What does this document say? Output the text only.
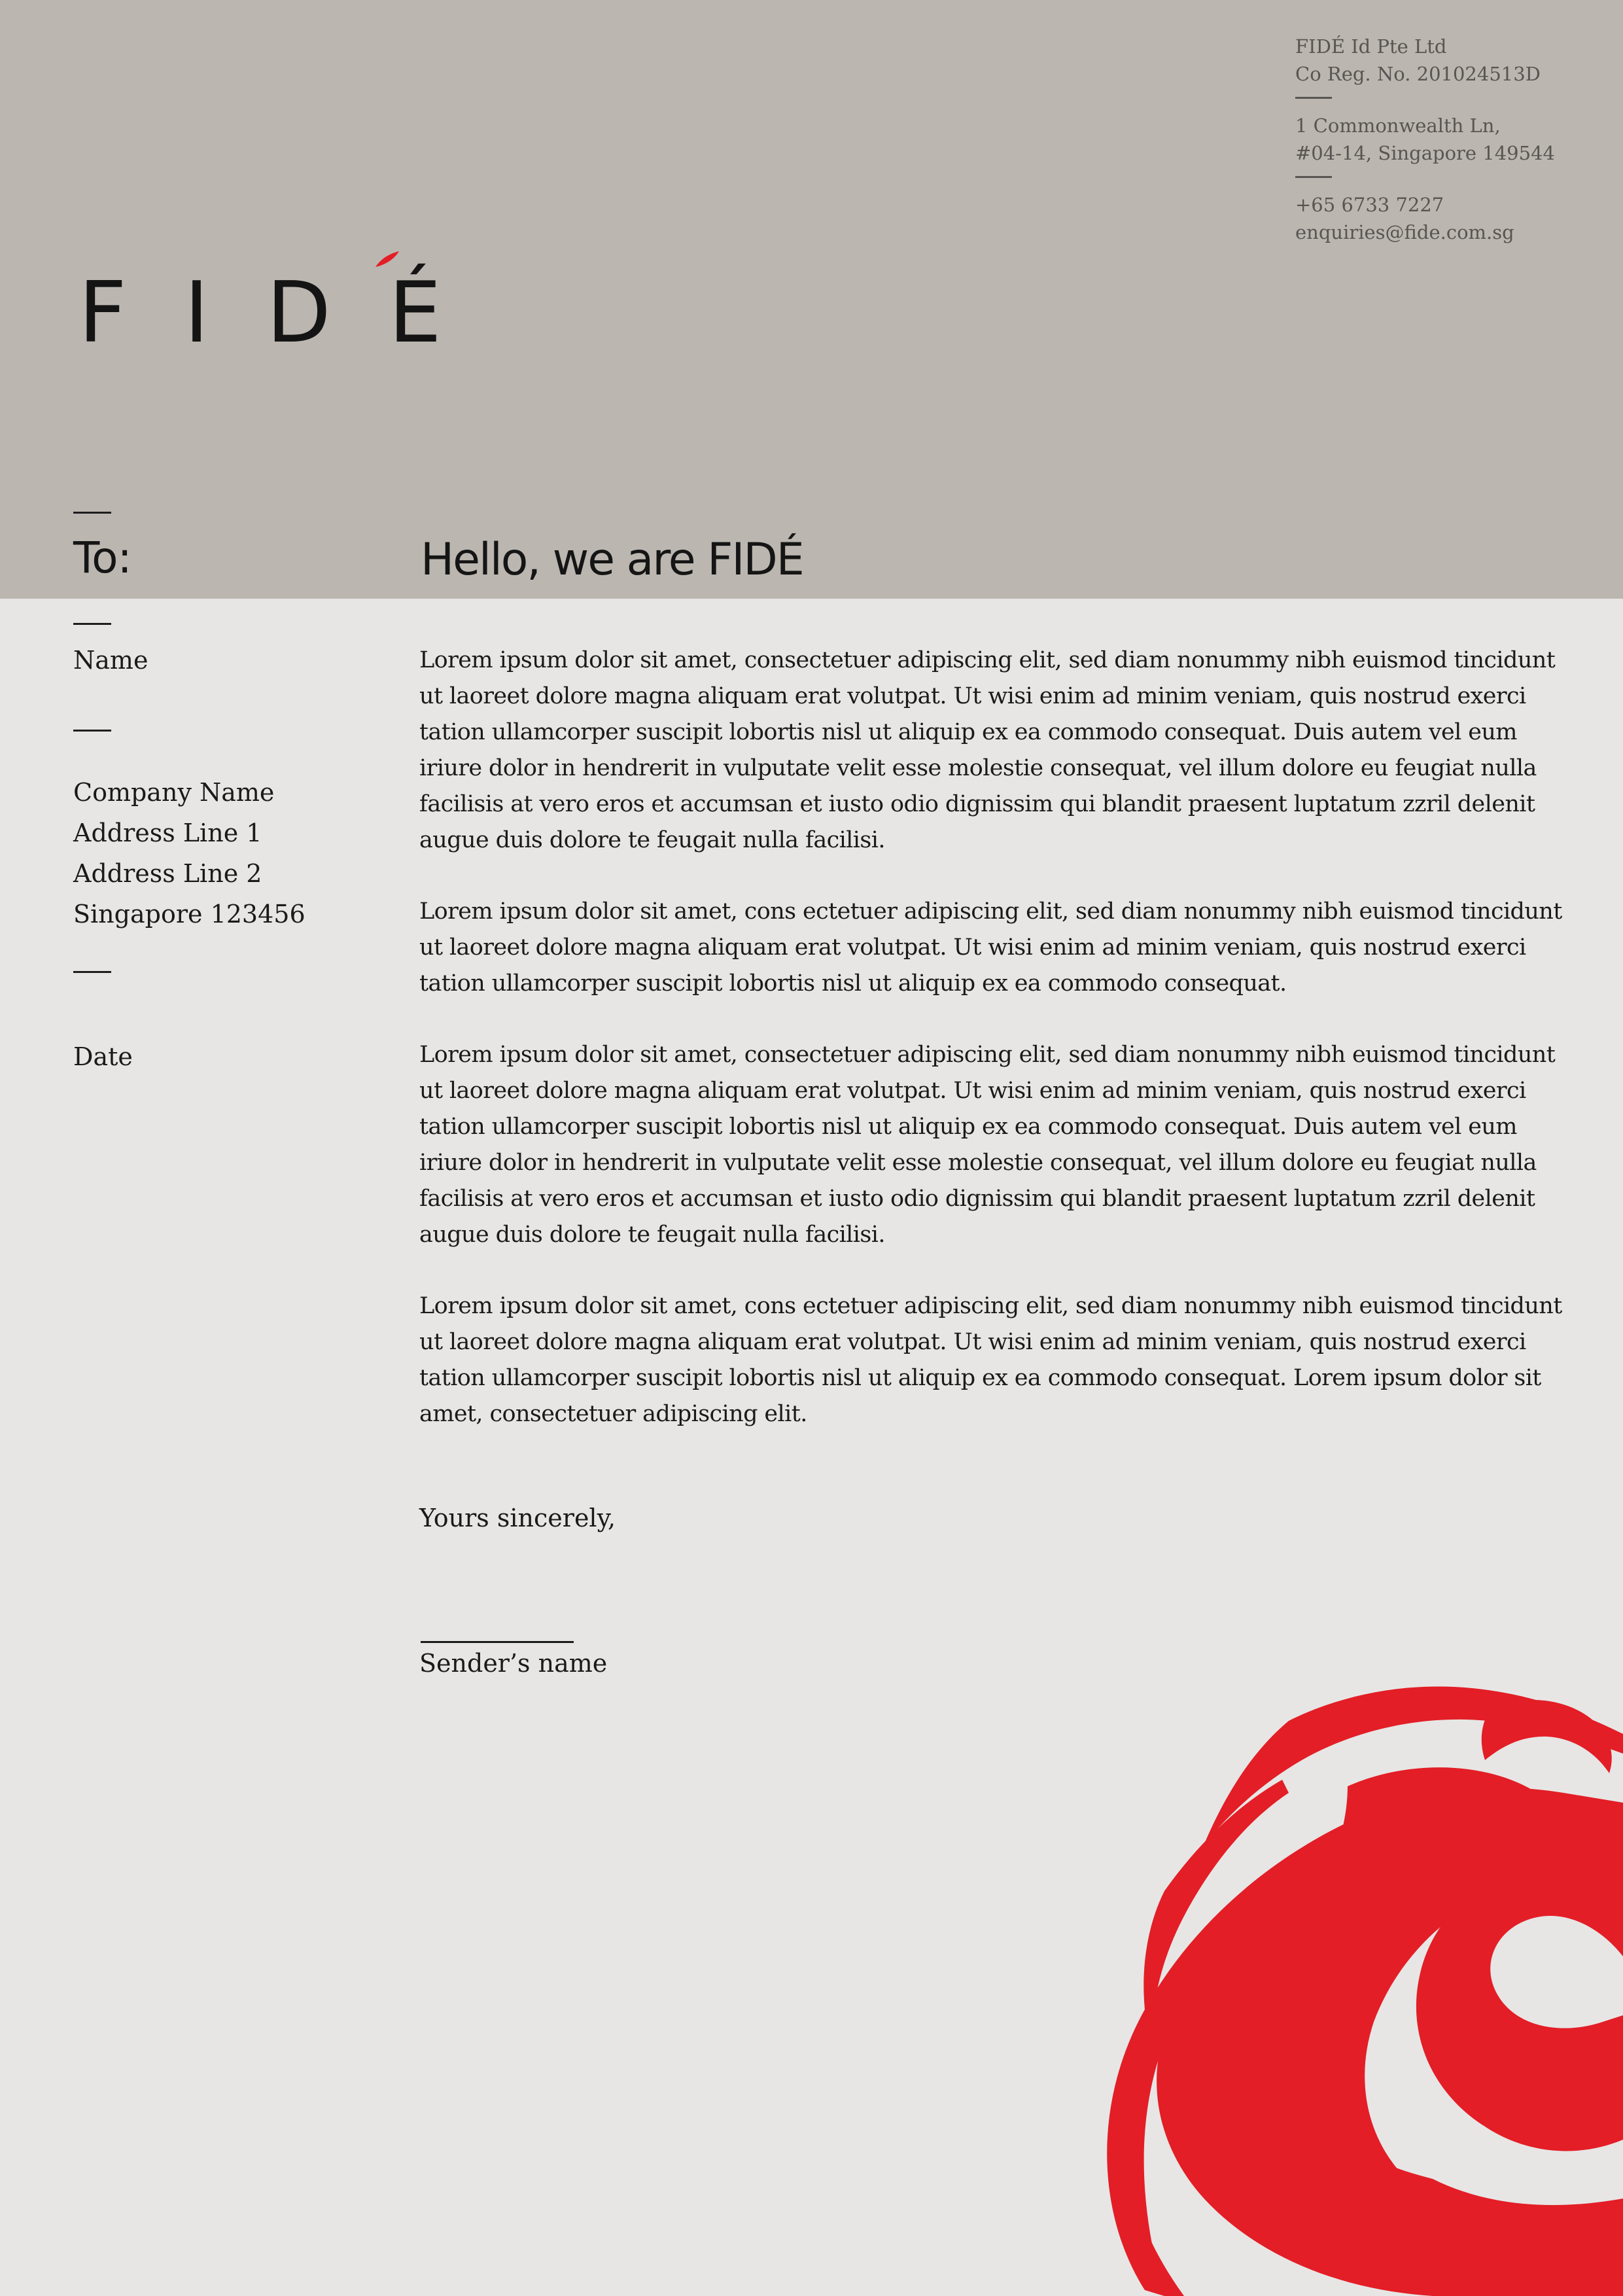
FIDÉ
FIDÉ Id Pte Ltd
Co Reg. No. 201024513D
1 Commonwealth Ln,
#04-14, Singapore 149544
+65 6733 7227
enquiries@fide.com.sg
To:
Name
Company Name
Address Line 1
Address Line 2
Singapore 123456
Date
Hello, we are FIDÉ

Lorem ipsum dolor sit amet, consectetuer adipiscing elit, sed diam nonummy nibh euismod tincidunt ut laoreet dolore magna aliquam erat volutpat. Ut wisi enim ad minim veniam, quis nostrud exerci tation ullamcorper suscipit lobortis nisl ut aliquip ex ea commodo consequat. Duis autem vel eum iriure dolor in hendrerit in vulputate velit esse molestie consequat, vel illum dolore eu feugiat nulla facilisis at vero eros et accumsan et iusto odio dignissim qui blandit praesent luptatum zzril delenit augue duis dolore te feugait nulla facilisi.

Lorem ipsum dolor sit amet, cons ectetuer adipiscing elit, sed diam nonummy nibh euismod tincidunt ut laoreet dolore magna aliquam erat volutpat. Ut wisi enim ad minim veniam, quis nostrud exerci tation ullamcorper suscipit lobortis nisl ut aliquip ex ea commodo consequat.

Lorem ipsum dolor sit amet, consectetuer adipiscing elit, sed diam nonummy nibh euismod tincidunt ut laoreet dolore magna aliquam erat volutpat. Ut wisi enim ad minim veniam, quis nostrud exerci tation ullamcorper suscipit lobortis nisl ut aliquip ex ea commodo consequat. Duis autem vel eum iriure dolor in hendrerit in vulputate velit esse molestie consequat, vel illum dolore eu feugiat nulla facilisis at vero eros et accumsan et iusto odio dignissim qui blandit praesent luptatum zzril delenit augue duis dolore te feugait nulla facilisi.

Lorem ipsum dolor sit amet, cons ectetuer adipiscing elit, sed diam nonummy nibh euismod tincidunt ut laoreet dolore magna aliquam erat volutpat. Ut wisi enim ad minim veniam, quis nostrud exerci tation ullamcorper suscipit lobortis nisl ut aliquip ex ea commodo consequat. Lorem ipsum dolor sit amet, consectetuer adipiscing elit.

Yours sincerely,
Sender’s name
